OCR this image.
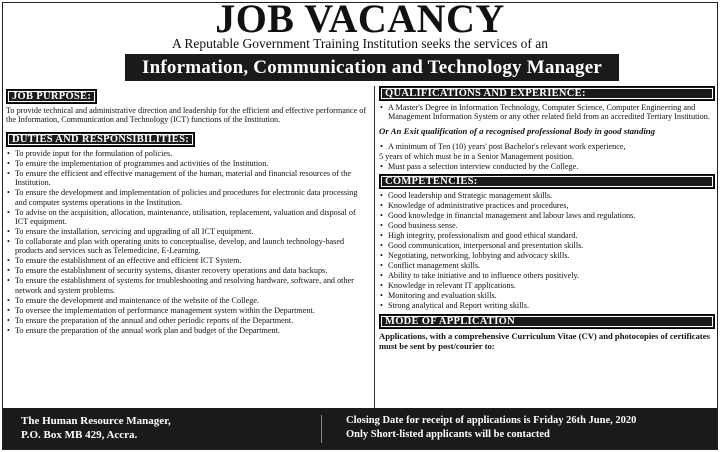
JOB VACANCY
A Reputable Government Training Institution seeks the services of an
Information, Communication and Technology Manager
JOB PURPOSE:

To provide technical and administrative direction and leadership for the efficient and effective performance of the Information, Communication and Technology (ICT) functions of the Institution.

DUTIES AND RESPONSIBILITIES:
• To provide input for the formulation of policies.
• To ensure the implementation of programmes and activities of the Institution.
• To ensure the efficient and effective management of the human, material and financial resources of the Institution.
• To ensure the development and implementation of policies and procedures for electronic data processing and computer systems operations in the Institution.
• To advise on the acquisition, allocation, maintenance, utilisation, replacement, valuation and disposal of ICT equipment.
• To ensure the installation, servicing and upgrading of all ICT equipment.
• To collaborate and plan with operating units to conceptualise, develop, and launch technology-based products and services such as Telemedicine, E-Learning.
• To ensure the establishment of an effective and efficient ICT System.
• To ensure the establishment of security systems, disaster recovery operations and data backups.
• To ensure the establishment of systems for troubleshooting and resolving hardware, software, and other network and system problems.
• To ensure the development and maintenance of the website of the College.
• To oversee the implementation of performance management system within the Department.
• To ensure the preparation of the annual and other periodic reports of the Department.
• To ensure the preparation of the annual work plan and budget of the Department.
QUALIFICATIONS AND EXPERIENCE:
• A Master's Degree in Information Technology, Computer Science, Computer Engineering and Management Information System or any other related field from an accredited Tertiary Institution.

Or An Exit qualification of a recognised professional Body in good standing

• A minimum of Ten (10) years' post Bachelor's relevant work experience,

5 years of which must be in a Senior Management position.

• Must pass a selection interview conducted by the College.
COMPETENCIES:
• Good leadership and Strategic management skills.
• Knowledge of administrative practices and procedures,
• Good knowledge in financial management and labour laws and regulations.
• Good business sense.
• High integrity, professionalism and good ethical standard.
• Good communication, interpersonal and presentation skills.
• Negotiating, networking, lobbying and advocacy skills.
• Conflict management skills.
• Ability to take initiative and to influence others positively.
• Knowledge in relevant IT applications.
• Monitoring and evaluation skills.
• Strong analytical and Report writing skills.
MODE OF APPLICATION

Applications, with a comprehensive Curriculum Vitae (CV) and photocopies of certificates must be sent by post/courier to:

The Human Resource Manager,
P.O. Box MB 429, Accra.
Closing Date for receipt of applications is Friday 26th June, 2020
Only Short-listed applicants will be contacted
